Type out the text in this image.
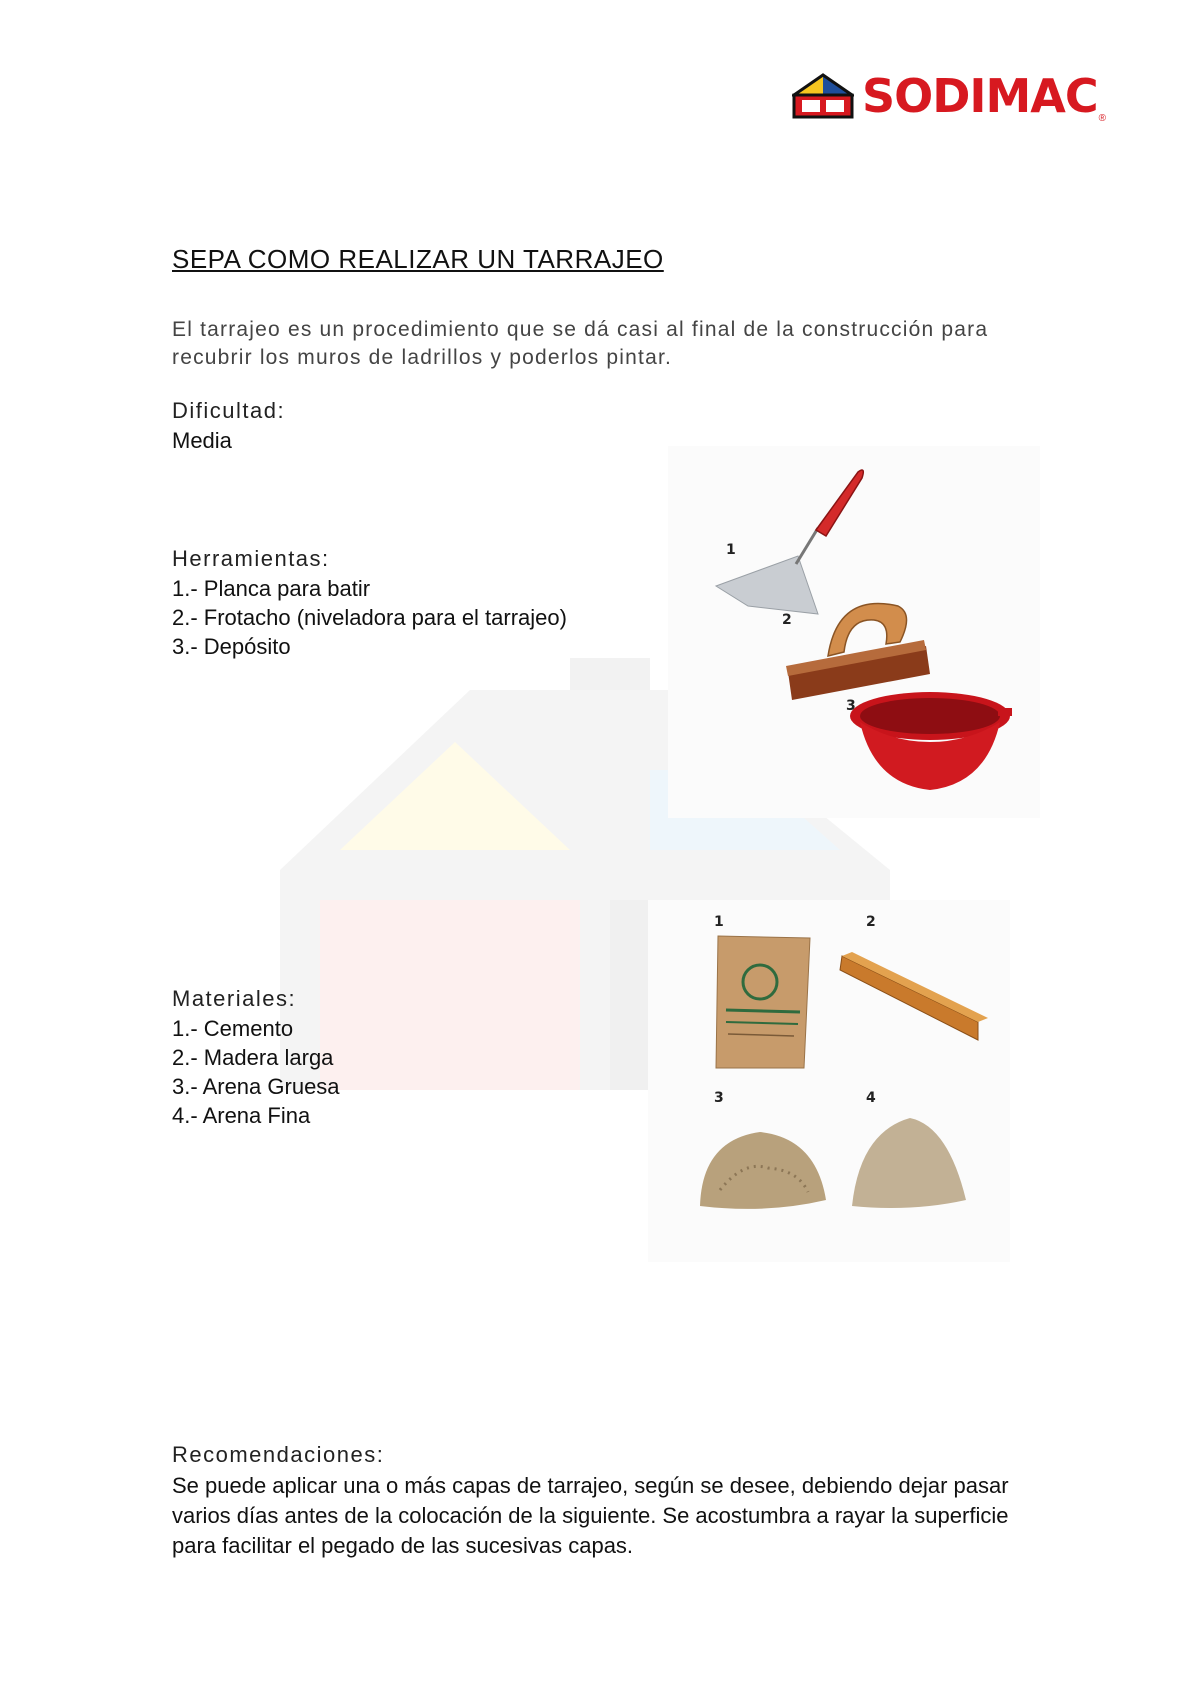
SODIMAC ®
SEPA COMO REALIZAR UN TARRAJEO
El tarrajeo es un procedimiento que se dá casi al final de la construcción para recubrir los muros de ladrillos y poderlos pintar.
Dificultad:
Media
Herramientas:
1.- Planca para batir
2.- Frotacho (niveladora para el tarrajeo)
3.- Depósito
1
2
3
Materiales:
1.- Cemento
2.- Madera larga
3.- Arena Gruesa
4.- Arena Fina
1	2
3	4
Recomendaciones:
Se puede aplicar una o más capas de tarrajeo, según se desee, debiendo dejar pasar varios días antes de la colocación de la siguiente. Se acostumbra a rayar la superficie para facilitar el pegado de las sucesivas capas.
